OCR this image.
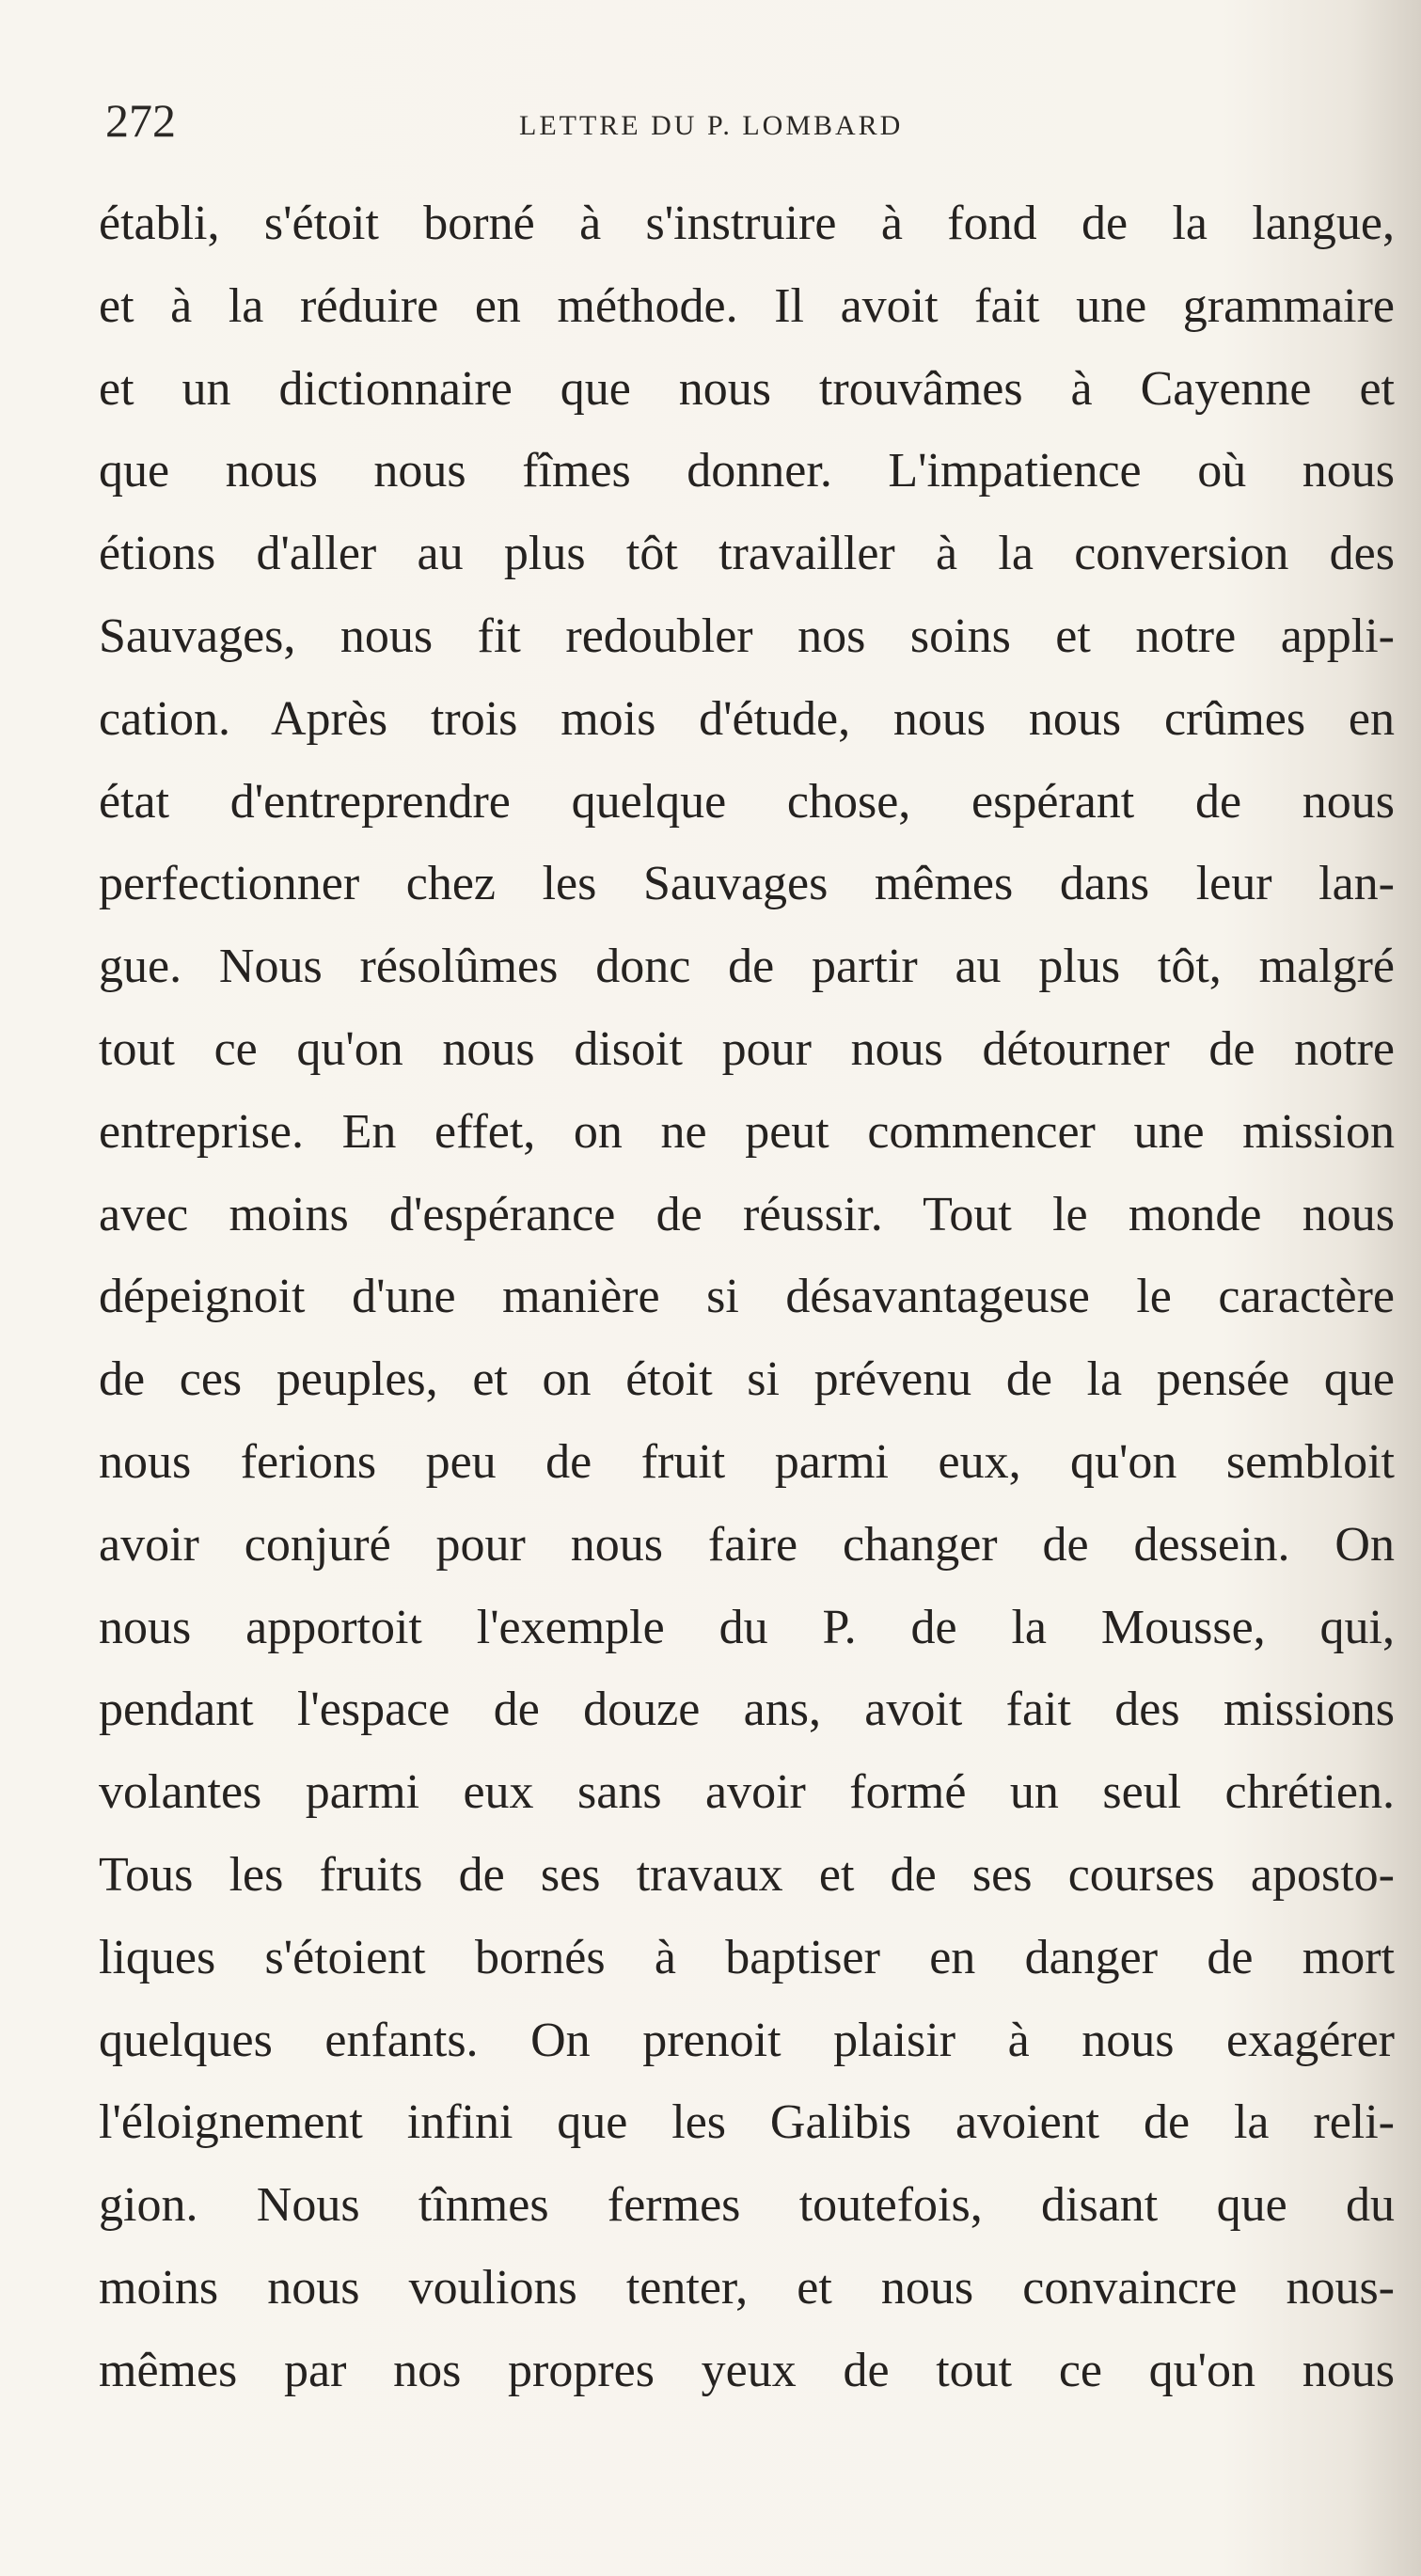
272	LETTRE DU P. LOMBARD
établi, s'étoit borné à s'instruire à fond de la langue,
et à la réduire en méthode. Il avoit fait une grammaire
et un dictionnaire que nous trouvâmes à Cayenne et
que nous nous fîmes donner. L'impatience où nous
étions d'aller au plus tôt travailler à la conversion des
Sauvages, nous fit redoubler nos soins et notre appli-
cation. Après trois mois d'étude, nous nous crûmes en
état d'entreprendre quelque chose, espérant de nous
perfectionner chez les Sauvages mêmes dans leur lan-
gue. Nous résolûmes donc de partir au plus tôt, malgré
tout ce qu'on nous disoit pour nous détourner de notre
entreprise. En effet, on ne peut commencer une mission
avec moins d'espérance de réussir. Tout le monde nous
dépeignoit d'une manière si désavantageuse le caractère
de ces peuples, et on étoit si prévenu de la pensée que
nous ferions peu de fruit parmi eux, qu'on sembloit
avoir conjuré pour nous faire changer de dessein. On
nous apportoit l'exemple du P. de la Mousse, qui,
pendant l'espace de douze ans, avoit fait des missions
volantes parmi eux sans avoir formé un seul chrétien.
Tous les fruits de ses travaux et de ses courses aposto-
liques s'étoient bornés à baptiser en danger de mort
quelques enfants. On prenoit plaisir à nous exagérer
l'éloignement infini que les Galibis avoient de la reli-
gion. Nous tînmes fermes toutefois, disant que du
moins nous voulions tenter, et nous convaincre nous-
mêmes par nos propres yeux de tout ce qu'on nous
